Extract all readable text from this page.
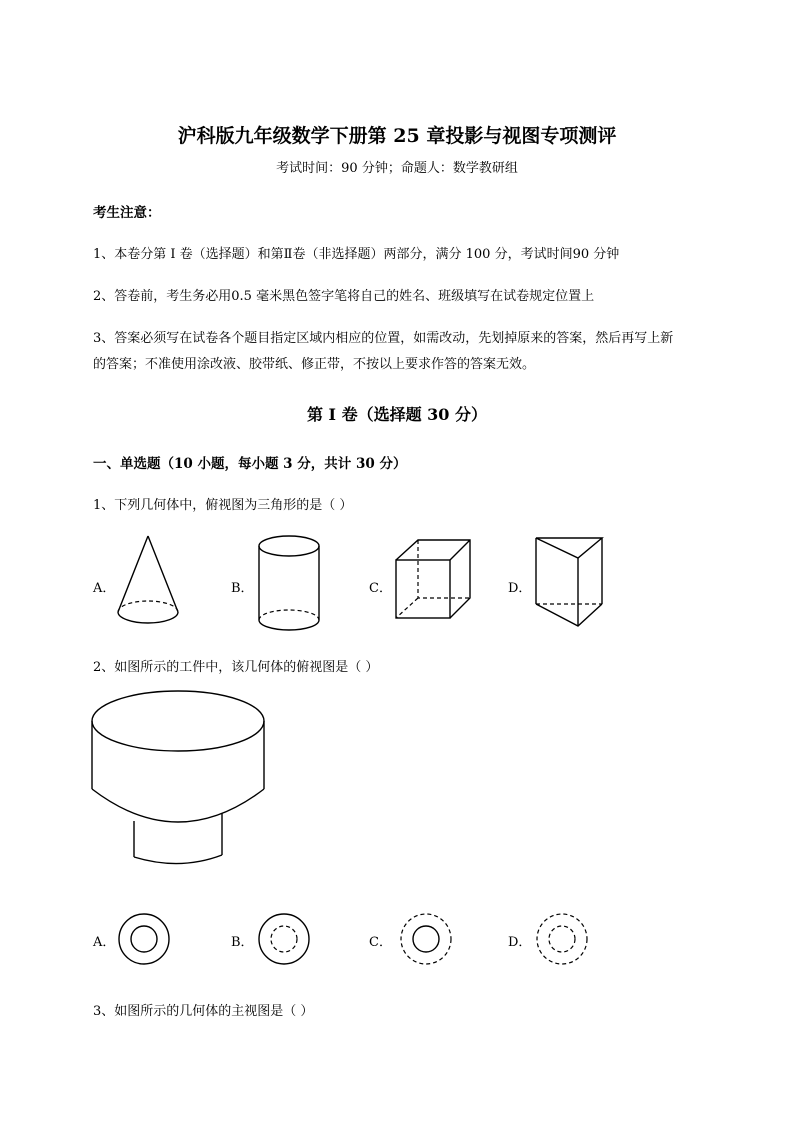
沪科版九年级数学下册第 25 章投影与视图专项测评
考试时间：90 分钟；命题人：数学教研组
考生注意：
1、本卷分第 I 卷（选择题）和第Ⅱ卷（非选择题）两部分，满分 100 分，考试时间90 分钟
2、答卷前，考生务必用0.5 毫米黑色签字笔将自己的姓名、班级填写在试卷规定位置上
3、答案必须写在试卷各个题目指定区域内相应的位置，如需改动，先划掉原来的答案，然后再写上新
的答案；不准使用涂改液、胶带纸、修正带，不按以上要求作答的答案无效。
第 I 卷（选择题 30 分）
一、单选题（10 小题，每小题 3 分，共计 30 分）
1、下列几何体中，俯视图为三角形的是（ ）
A．	B．	C．	D．
2、如图所示的工件中，该几何体的俯视图是（ ）
A．	B．	C．	D．
3、如图所示的几何体的主视图是（ ）
